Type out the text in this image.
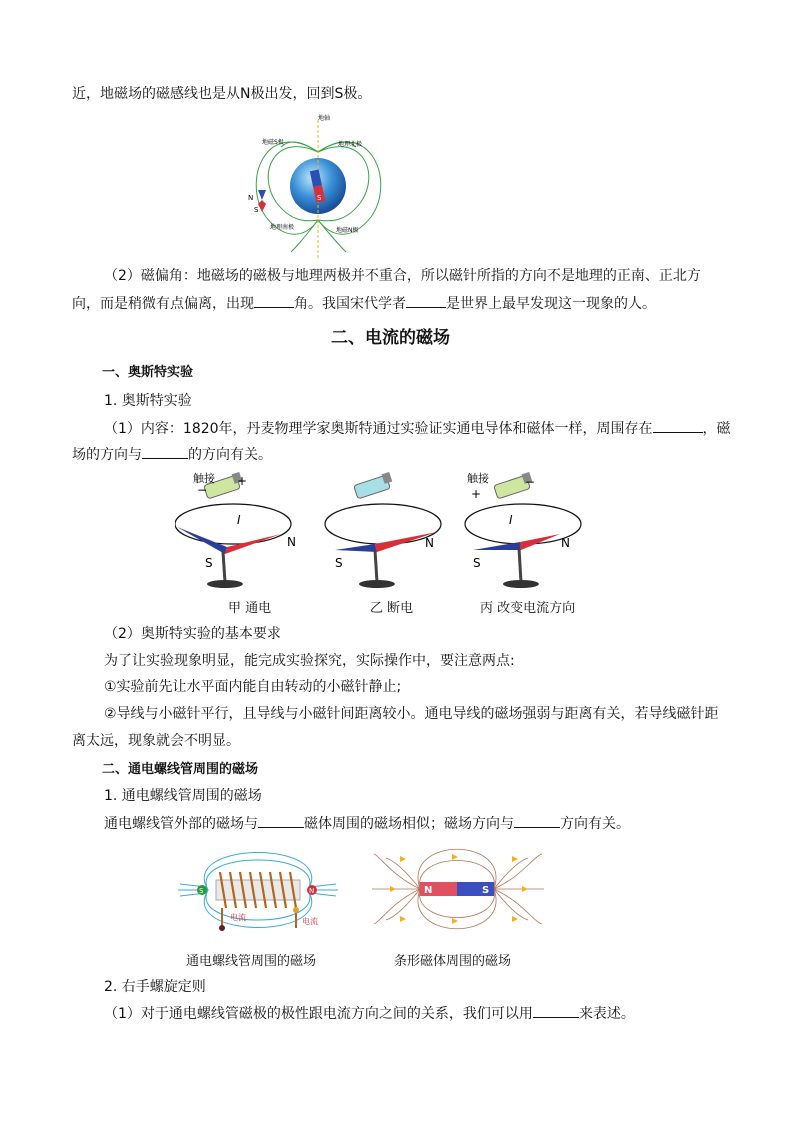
近，地磁场的磁感线也是从N极出发，回到S极。
S
N
S
地轴
地磁S极	地理北极
地理南极	地磁N极
（2）磁偏角：地磁场的磁极与地理两极并不重合，所以磁针所指的方向不是地理的正南、正北方
向，而是稍微有点偏离，出现	角。我国宋代学者	是世界上最早发现这一现象的人。
二、电流的磁场
一、奥斯特实验
1. 奥斯特实验
（1）内容：1820年，丹麦物理学家奥斯特通过实验证实通电导体和磁体一样，周围存在	，磁
场的方向与	的方向有关。
触接 +
−
I
S
N
S
N
触接
+
−
I
S
N
甲 通电	乙 断电	丙 改变电流方向
（2）奥斯特实验的基本要求
为了让实验现象明显，能完成实验探究，实际操作中，要注意两点:
①实验前先让水平面内能自由转动的小磁针静止;
②导线与小磁针平行，且导线与小磁针间距离较小。通电导线的磁场强弱与距离有关，若导线磁针距
离太远，现象就会不明显。
二、通电螺线管周围的磁场
1. 通电螺线管周围的磁场
通电螺线管外部的磁场与	磁体周围的磁场相似；磁场方向与	方向有关。
S	N
电流	电流
N	S
通电螺线管周围的磁场	条形磁体周围的磁场
2. 右手螺旋定则
（1）对于通电螺线管磁极的极性跟电流方向之间的关系，我们可以用	来表述。
